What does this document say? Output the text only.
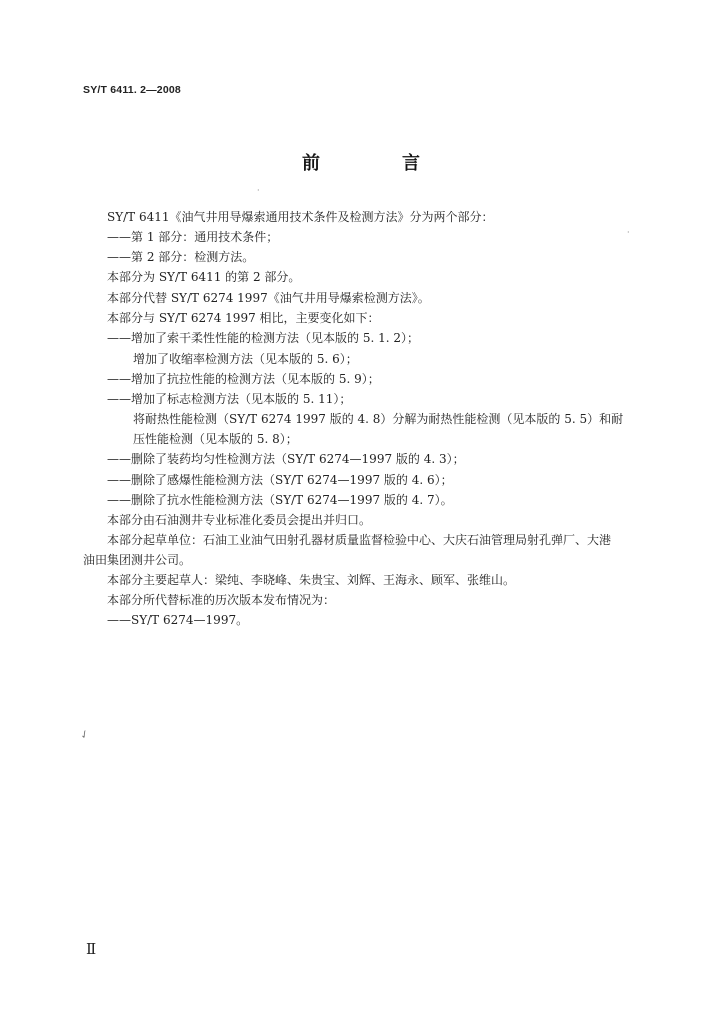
SY/T 6411. 2—2008
前　言
·
·
✓
SY/T 6411《油气井用导爆索通用技术条件及检测方法》分为两个部分：
——第 1 部分：通用技术条件；
——第 2 部分：检测方法。
本部分为 SY/T 6411 的第 2 部分。
本部分代替 SY/T 6274 1997《油气井用导爆索检测方法》。
本部分与 SY/T 6274 1997 相比，主要变化如下：
——增加了索干柔性性能的检测方法（见本版的 5. 1. 2）；
增加了收缩率检测方法（见本版的 5. 6）；
——增加了抗拉性能的检测方法（见本版的 5. 9）；
——增加了标志检测方法（见本版的 5. 11）；
将耐热性能检测（SY/T 6274 1997 版的 4. 8）分解为耐热性能检测（见本版的 5. 5）和耐
压性能检测（见本版的 5. 8）；
——删除了装药均匀性检测方法（SY/T 6274—1997 版的 4. 3）；
——删除了感爆性能检测方法（SY/T 6274—1997 版的 4. 6）；
——删除了抗水性能检测方法（SY/T 6274—1997 版的 4. 7）。
本部分由石油测井专业标准化委员会提出并归口。
本部分起草单位：石油工业油气田射孔器材质量监督检验中心、大庆石油管理局射孔弹厂、大港
油田集团测井公司。
本部分主要起草人：梁纯、李晓峰、朱贵宝、刘辉、王海永、顾军、张维山。
本部分所代替标准的历次版本发布情况为：
——SY/T 6274—1997。
Ⅱ
